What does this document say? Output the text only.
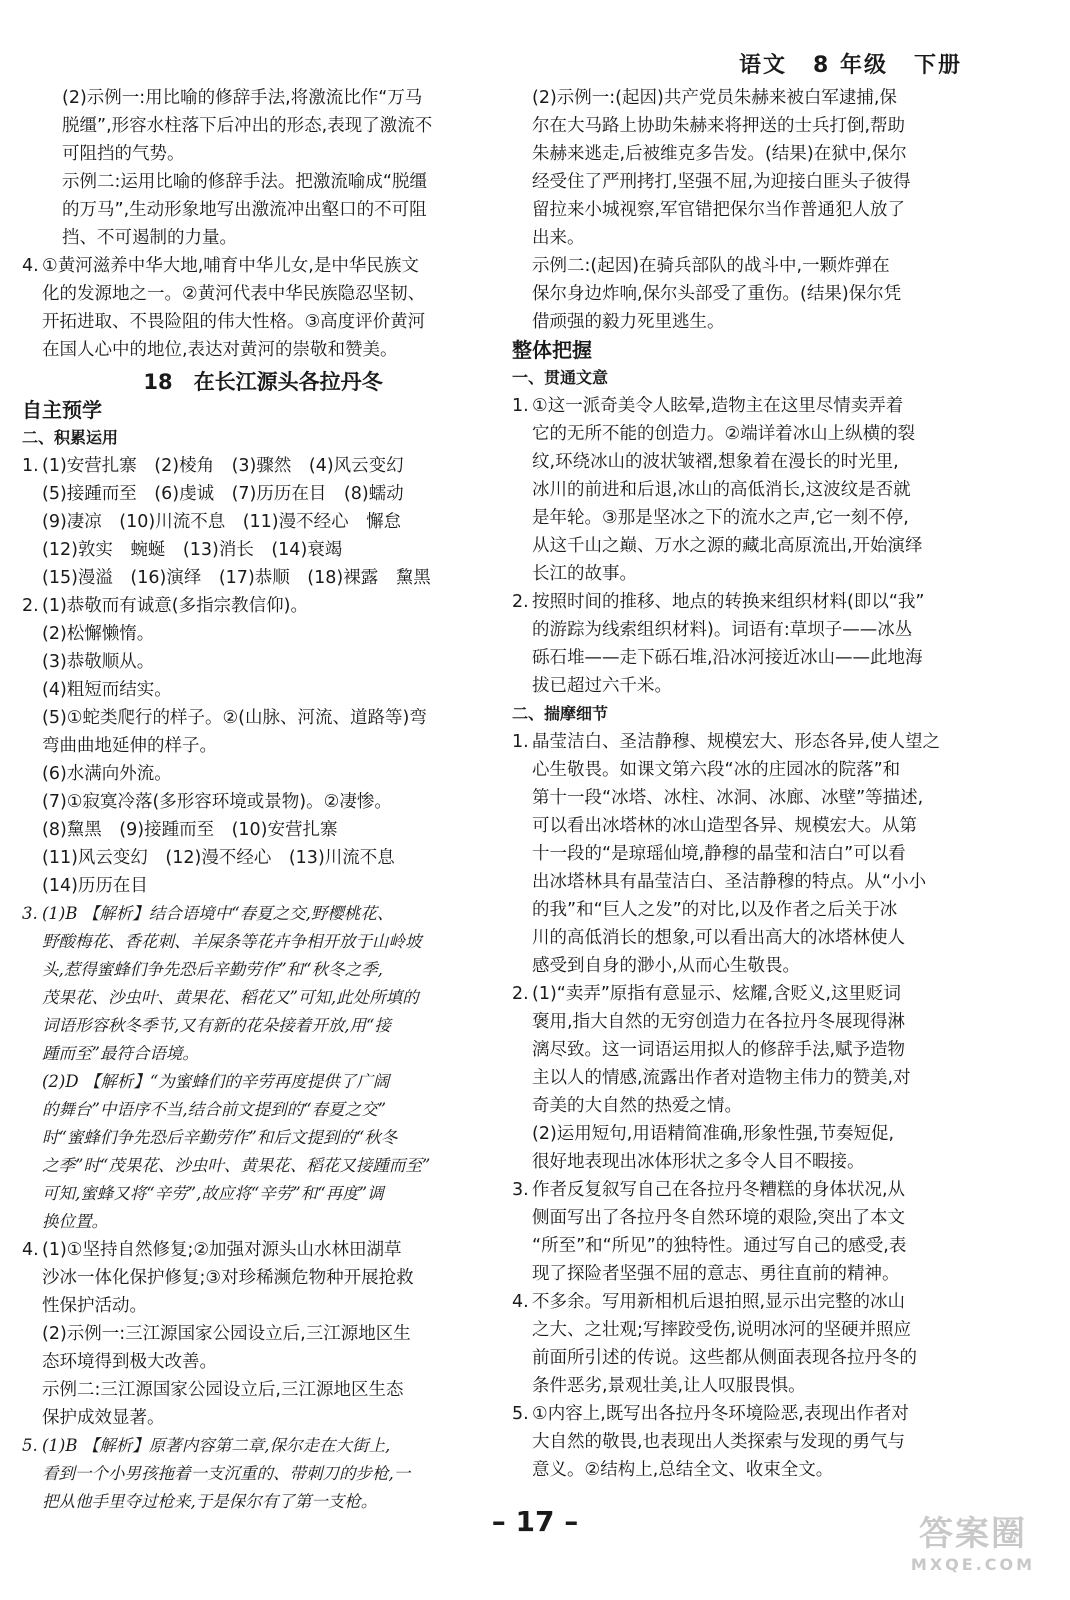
语文 8 年级 下册
(2)示例一:用比喻的修辞手法,将激流比作“万马
脱缰”,形容水柱落下后冲出的形态,表现了激流不
可阻挡的气势。
示例二:运用比喻的修辞手法。把激流喻成“脱缰
的万马”,生动形象地写出激流冲出壑口的不可阻
挡、不可遏制的力量。
4. ①黄河滋养中华大地,哺育中华儿女,是中华民族文
化的发源地之一。②黄河代表中华民族隐忍坚韧、
开拓进取、不畏险阻的伟大性格。③高度评价黄河
在国人心中的地位,表达对黄河的崇敬和赞美。
18　在长江源头各拉丹冬
自主预学
二、积累运用
1. (1)安营扎寨　(2)棱角　(3)骤然　(4)风云变幻
(5)接踵而至　(6)虔诚　(7)历历在目　(8)蠕动
(9)凄凉　(10)川流不息　(11)漫不经心　懈怠
(12)敦实　蜿蜒　(13)消长　(14)衰竭
(15)漫溢　(16)演绎　(17)恭顺　(18)裸露　黧黑
2. (1)恭敬而有诚意(多指宗教信仰)。
(2)松懈懒惰。
(3)恭敬顺从。
(4)粗短而结实。
(5)①蛇类爬行的样子。②(山脉、河流、道路等)弯
弯曲曲地延伸的样子。
(6)水满向外流。
(7)①寂寞冷落(多形容环境或景物)。②凄惨。
(8)黧黑　(9)接踵而至　(10)安营扎寨
(11)风云变幻　(12)漫不经心　(13)川流不息
(14)历历在目
3. (1)B 【解析】结合语境中“春夏之交,野樱桃花、
野酸梅花、香花刺、羊屎条等花卉争相开放于山岭坡
头,惹得蜜蜂们争先恐后辛勤劳作”和“秋冬之季,
茂果花、沙虫叶、黄果花、稻花又”可知,此处所填的
词语形容秋冬季节,又有新的花朵接着开放,用“接
踵而至”最符合语境。
(2)D 【解析】“为蜜蜂们的辛劳再度提供了广阔
的舞台”中语序不当,结合前文提到的“春夏之交”
时“蜜蜂们争先恐后辛勤劳作”和后文提到的“秋冬
之季”时“茂果花、沙虫叶、黄果花、稻花又接踵而至”
可知,蜜蜂又将“辛劳”,故应将“辛劳”和“再度”调
换位置。
4. (1)①坚持自然修复;②加强对源头山水林田湖草
沙冰一体化保护修复;③对珍稀濒危物种开展抢救
性保护活动。
(2)示例一:三江源国家公园设立后,三江源地区生
态环境得到极大改善。
示例二:三江源国家公园设立后,三江源地区生态
保护成效显著。
5. (1)B 【解析】原著内容第二章,保尔走在大街上,
看到一个小男孩拖着一支沉重的、带刺刀的步枪,一
把从他手里夺过枪来,于是保尔有了第一支枪。
(2)示例一:(起因)共产党员朱赫来被白军逮捕,保
尔在大马路上协助朱赫来将押送的士兵打倒,帮助
朱赫来逃走,后被维克多告发。(结果)在狱中,保尔
经受住了严刑拷打,坚强不屈,为迎接白匪头子彼得
留拉来小城视察,军官错把保尔当作普通犯人放了
出来。
示例二:(起因)在骑兵部队的战斗中,一颗炸弹在
保尔身边炸响,保尔头部受了重伤。(结果)保尔凭
借顽强的毅力死里逃生。
整体把握
一、贯通文意
1. ①这一派奇美令人眩晕,造物主在这里尽情卖弄着
它的无所不能的创造力。②端详着冰山上纵横的裂
纹,环绕冰山的波状皱褶,想象着在漫长的时光里,
冰川的前进和后退,冰山的高低消长,这波纹是否就
是年轮。③那是坚冰之下的流水之声,它一刻不停,
从这千山之巅、万水之源的藏北高原流出,开始演绎
长江的故事。
2. 按照时间的推移、地点的转换来组织材料(即以“我”
的游踪为线索组织材料)。词语有:草坝子——冰丛
砾石堆——走下砾石堆,沿冰河接近冰山——此地海
拔已超过六千米。
二、揣摩细节
1. 晶莹洁白、圣洁静穆、规模宏大、形态各异,使人望之
心生敬畏。如课文第六段“冰的庄园冰的院落”和
第十一段“冰塔、冰柱、冰洞、冰廊、冰壁”等描述,
可以看出冰塔林的冰山造型各异、规模宏大。从第
十一段的“是琼瑶仙境,静穆的晶莹和洁白”可以看
出冰塔林具有晶莹洁白、圣洁静穆的特点。从“小小
的我”和“巨人之发”的对比,以及作者之后关于冰
川的高低消长的想象,可以看出高大的冰塔林使人
感受到自身的渺小,从而心生敬畏。
2. (1)“卖弄”原指有意显示、炫耀,含贬义,这里贬词
褒用,指大自然的无穷创造力在各拉丹冬展现得淋
漓尽致。这一词语运用拟人的修辞手法,赋予造物
主以人的情感,流露出作者对造物主伟力的赞美,对
奇美的大自然的热爱之情。
(2)运用短句,用语精简准确,形象性强,节奏短促,
很好地表现出冰体形状之多令人目不暇接。
3. 作者反复叙写自己在各拉丹冬糟糕的身体状况,从
侧面写出了各拉丹冬自然环境的艰险,突出了本文
“所至”和“所见”的独特性。通过写自己的感受,表
现了探险者坚强不屈的意志、勇往直前的精神。
4. 不多余。写用新相机后退拍照,显示出完整的冰山
之大、之壮观;写摔跤受伤,说明冰河的坚硬并照应
前面所引述的传说。这些都从侧面表现各拉丹冬的
条件恶劣,景观壮美,让人叹服畏惧。
5. ①内容上,既写出各拉丹冬环境险恶,表现出作者对
大自然的敬畏,也表现出人类探索与发现的勇气与
意义。②结构上,总结全文、收束全文。
– 17 –	答案圈
MXQE.COM
